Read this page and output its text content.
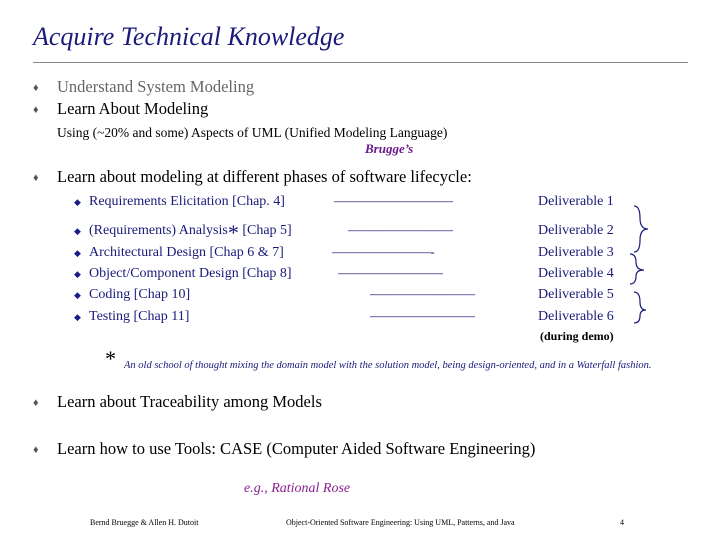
Acquire Technical Knowledge
♦ Understand System Modeling
♦ Learn About Modeling
Using (~20% and some) Aspects of UML (Unified Modeling Language)
Brugge’s
♦ Learn about modeling at different phases of software lifecycle:
◆ Requirements Elicitation [Chap. 4]	–––––––––––––––––	Deliverable 1
◆ (Requirements) Analysis* [Chap 5]	–––––––––––––––	Deliverable 2
◆ Architectural Design [Chap 6 & 7]	––––––––––––––-	Deliverable 3
◆ Object/Component Design [Chap 8]	–––––––––––––––	Deliverable 4
◆ Coding [Chap 10]	–––––––––––––––	Deliverable 5
◆ Testing [Chap 11]	–––––––––––––––	Deliverable 6
(during demo)
* An old school of thought mixing the domain model with the solution model, being design-oriented, and in a Waterfall fashion.
♦ Learn about Traceability among Models
♦ Learn how to use Tools: CASE (Computer Aided Software Engineering)
e.g., Rational Rose
Bernd Bruegge & Allen H. Dutoit	Object-Oriented Software Engineering: Using UML, Patterns, and Java	4
